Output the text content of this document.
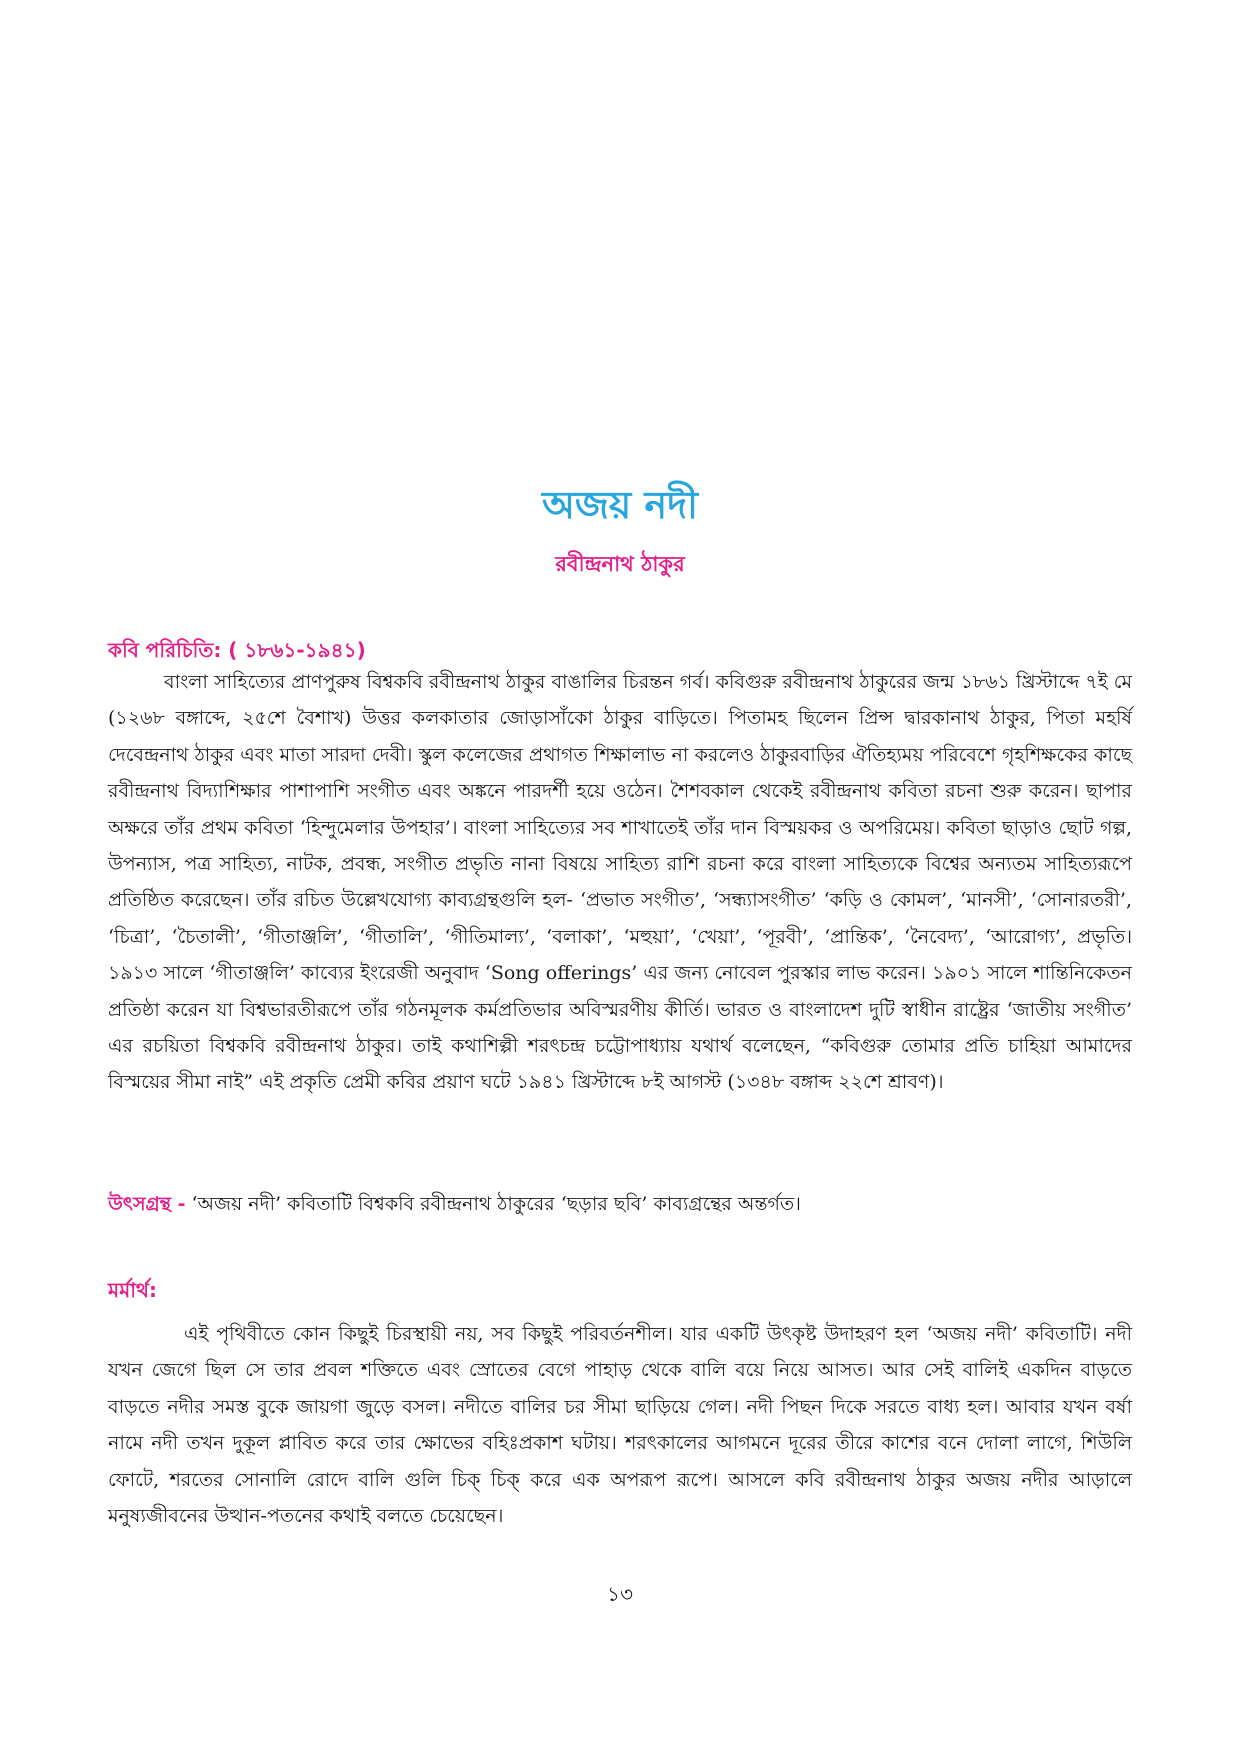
অজয় নদী
রবীন্দ্রনাথ ঠাকুর
কবি পরিচিতি: ( ১৮৬১-১৯৪১)

বাংলা সাহিত্যের প্রাণপুরুষ বিশ্বকবি রবীন্দ্রনাথ ঠাকুর বাঙালির চিরন্তন গর্ব। কবিগুরু রবীন্দ্রনাথ ঠাকুরের জন্ম ১৮৬১ খ্রিস্টাব্দে ৭ই মে (১২৬৮ বঙ্গাব্দে, ২৫শে বৈশাখ) উত্তর কলকাতার জোড়াসাঁকো ঠাকুর বাড়িতে। পিতামহ ছিলেন প্রিন্স দ্বারকানাথ ঠাকুর, পিতা মহর্ষি দেবেন্দ্রনাথ ঠাকুর এবং মাতা সারদা দেবী। স্কুল কলেজের প্রথাগত শিক্ষালাভ না করলেও ঠাকুরবাড়ির ঐতিহ্যময় পরিবেশে গৃহশিক্ষকের কাছে রবীন্দ্রনাথ বিদ্যাশিক্ষার পাশাপাশি সংগীত এবং অঙ্কনে পারদর্শী হয়ে ওঠেন। শৈশবকাল থেকেই রবীন্দ্রনাথ কবিতা রচনা শুরু করেন। ছাপার অক্ষরে তাঁর প্রথম কবিতা ‘হিন্দুমেলার উপহার’। বাংলা সাহিত্যের সব শাখাতেই তাঁর দান বিস্ময়কর ও অপরিমেয়। কবিতা ছাড়াও ছোট গল্প, উপন্যাস, পত্র সাহিত্য, নাটক, প্রবন্ধ, সংগীত প্রভৃতি নানা বিষয়ে সাহিত্য রাশি রচনা করে বাংলা সাহিত্যকে বিশ্বের অন্যতম সাহিত্যরূপে প্রতিষ্ঠিত করেছেন। তাঁর রচিত উল্লেখযোগ্য কাব্যগ্রন্থগুলি হল- ‘প্রভাত সংগীত’, ‘সন্ধ্যাসংগীত’ ‘কড়ি ও কোমল’, ‘মানসী’, ‘সোনারতরী’, ‘চিত্রা’, ‘চৈতালী’, ‘গীতাঞ্জলি’, ‘গীতালি’, ‘গীতিমাল্য’, ‘বলাকা’, ‘মহুয়া’, ‘খেয়া’, ‘পূরবী’, ‘প্রান্তিক’, ‘নৈবেদ্য’, ‘আরোগ্য’, প্রভৃতি। ১৯১৩ সালে ‘গীতাঞ্জলি’ কাব্যের ইংরেজী অনুবাদ ‘Song offerings’ এর জন্য নোবেল পুরস্কার লাভ করেন। ১৯০১ সালে শান্তিনিকেতন প্রতিষ্ঠা করেন যা বিশ্বভারতীরূপে তাঁর গঠনমূলক কর্মপ্রতিভার অবিস্মরণীয় কীর্তি। ভারত ও বাংলাদেশ দুটি স্বাধীন রাষ্ট্রের ‘জাতীয় সংগীত’ এর রচয়িতা বিশ্বকবি রবীন্দ্রনাথ ঠাকুর। তাই কথাশিল্পী শরৎচন্দ্র চট্টোপাধ্যায় যথার্থ বলেছেন, “কবিগুরু তোমার প্রতি চাহিয়া আমাদের বিস্ময়ের সীমা নাই” এই প্রকৃতি প্রেমী কবির প্রয়াণ ঘটে ১৯৪১ খ্রিস্টাব্দে ৮ই আগস্ট (১৩৪৮ বঙ্গাব্দ ২২শে শ্রাবণ)।

উৎসগ্রন্থ - ‘অজয় নদী’ কবিতাটি বিশ্বকবি রবীন্দ্রনাথ ঠাকুরের ‘ছড়ার ছবি’ কাব্যগ্রন্থের অন্তর্গত।

মর্মার্থ:

এই পৃথিবীতে কোন কিছুই চিরস্থায়ী নয়, সব কিছুই পরিবর্তনশীল। যার একটি উৎকৃষ্ট উদাহরণ হল ‘অজয় নদী’ কবিতাটি। নদী যখন জেগে ছিল সে তার প্রবল শক্তিতে এবং স্রোতের বেগে পাহাড় থেকে বালি বয়ে নিয়ে আসত। আর সেই বালিই একদিন বাড়তে বাড়তে নদীর সমস্ত বুকে জায়গা জুড়ে বসল। নদীতে বালির চর সীমা ছাড়িয়ে গেল। নদী পিছন দিকে সরতে বাধ্য হল। আবার যখন বর্ষা নামে নদী তখন দুকূল প্লাবিত করে তার ক্ষোভের বহিঃপ্রকাশ ঘটায়। শরৎকালের আগমনে দূরের তীরে কাশের বনে দোলা লাগে, শিউলি ফোটে, শরতের সোনালি রোদে বালি গুলি চিক্ চিক্ করে এক অপরূপ রূপে। আসলে কবি রবীন্দ্রনাথ ঠাকুর অজয় নদীর আড়ালে মনুষ্যজীবনের উত্থান-পতনের কথাই বলতে চেয়েছেন।

১৩
